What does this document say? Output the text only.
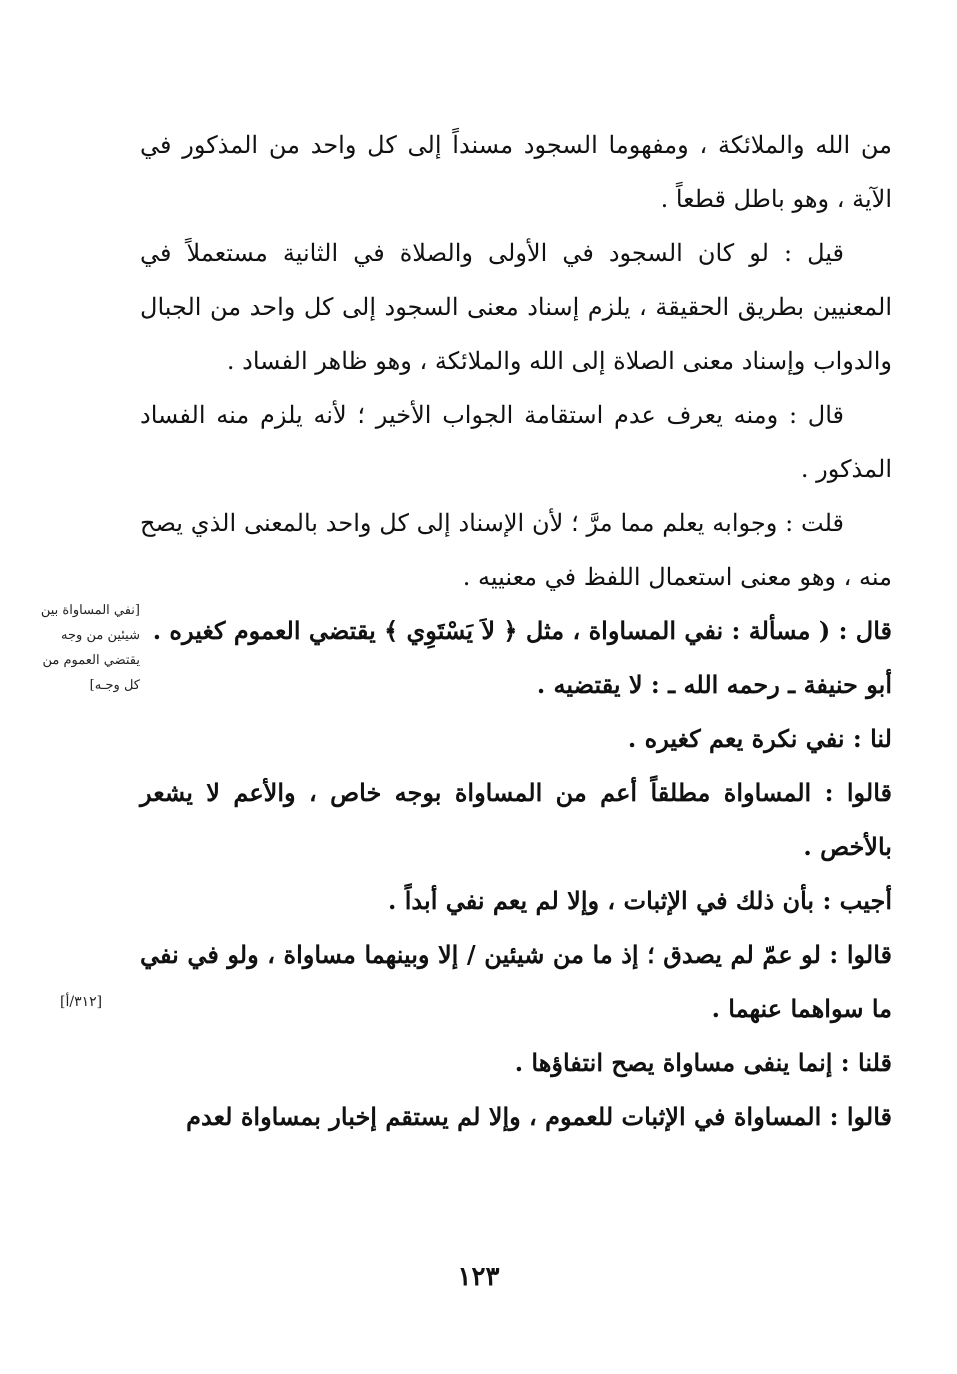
من الله والملائكة ، ومفهوما السجود مسنداً إلى كل واحد من المذكور في الآية ، وهو باطل قطعاً .

قيل : لو كان السجود في الأولى والصلاة في الثانية مستعملاً في المعنيين بطريق الحقيقة ، يلزم إسناد معنى السجود إلى كل واحد من الجبال والدواب وإسناد معنى الصلاة إلى الله والملائكة ، وهو ظاهر الفساد .

قال : ومنه يعرف عدم استقامة الجواب الأخير ؛ لأنه يلزم منه الفساد المذكور .

قلت : وجوابه يعلم مما مرَّ ؛ لأن الإسناد إلى كل واحد بالمعنى الذي يصح منه ، وهو معنى استعمال اللفظ في معنييه .

قال : ( مسألة : نفي المساواة ، مثل ﴿ لاَ يَسْتَوِي ﴾ يقتضي العموم كغيره .

أبو حنيفة ـ رحمه الله ـ : لا يقتضيه .

لنا : نفي نكرة يعم كغيره .

قالوا : المساواة مطلقاً أعم من المساواة بوجه خاص ، والأعم لا يشعر بالأخص .

أجيب : بأن ذلك في الإثبات ، وإلا لم يعم نفي أبداً .

قالوا : لو عمّ لم يصدق ؛ إذ ما من شيئين / إلا وبينهما مساواة ، ولو في نفي ما سواهما عنهما .

قلنا : إنما ينفى مساواة يصح انتفاؤها .

قالوا : المساواة في الإثبات للعموم ، وإلا لم يستقم إخبار بمساواة لعدم

[نفي المساواة بين شيئين من وجه يقتضي العموم من كل وجـه]
[٣١٢/أ]
١٢٣
